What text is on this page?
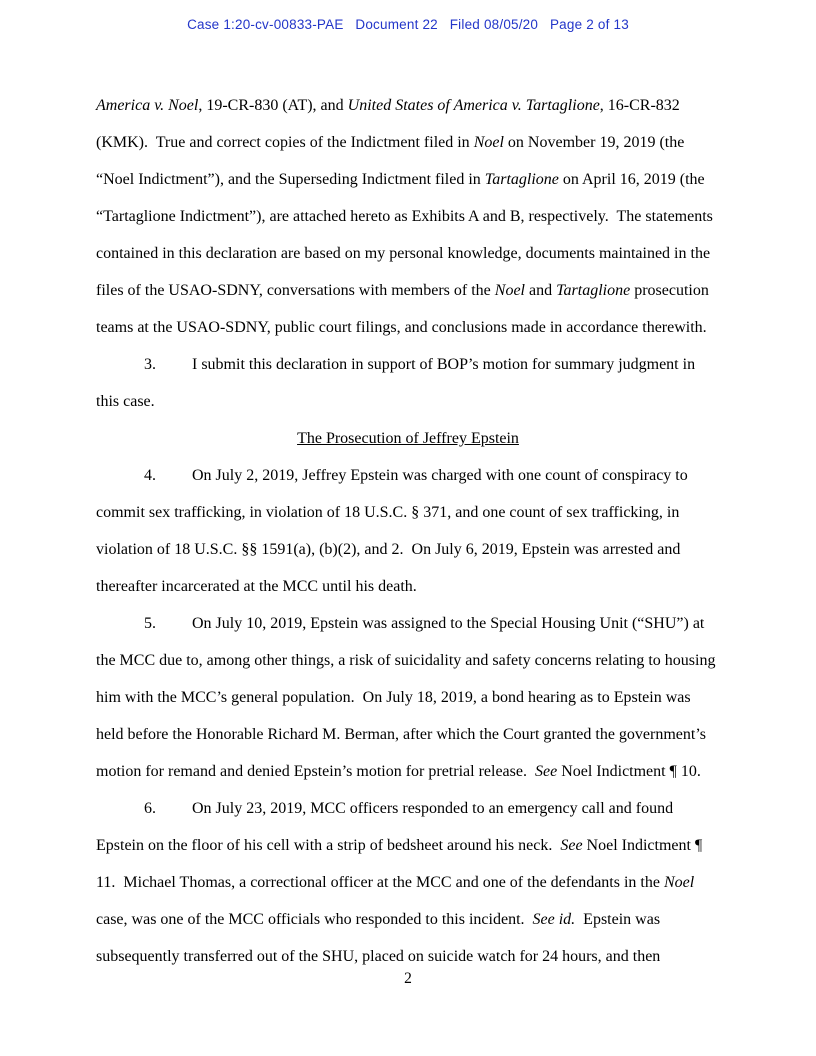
Case 1:20-cv-00833-PAE   Document 22   Filed 08/05/20   Page 2 of 13

America v. Noel, 19-CR-830 (AT), and United States of America v. Tartaglione, 16-CR-832 (KMK).  True and correct copies of the Indictment filed in Noel on November 19, 2019 (the “Noel Indictment”), and the Superseding Indictment filed in Tartaglione on April 16, 2019 (the “Tartaglione Indictment”), are attached hereto as Exhibits A and B, respectively.  The statements contained in this declaration are based on my personal knowledge, documents maintained in the files of the USAO-SDNY, conversations with members of the Noel and Tartaglione prosecution teams at the USAO-SDNY, public court filings, and conclusions made in accordance therewith.

3. I submit this declaration in support of BOP’s motion for summary judgment in this case.

The Prosecution of Jeffrey Epstein

4. On July 2, 2019, Jeffrey Epstein was charged with one count of conspiracy to commit sex trafficking, in violation of 18 U.S.C. § 371, and one count of sex trafficking, in violation of 18 U.S.C. §§ 1591(a), (b)(2), and 2.  On July 6, 2019, Epstein was arrested and thereafter incarcerated at the MCC until his death.

5. On July 10, 2019, Epstein was assigned to the Special Housing Unit (“SHU”) at the MCC due to, among other things, a risk of suicidality and safety concerns relating to housing him with the MCC’s general population.  On July 18, 2019, a bond hearing as to Epstein was held before the Honorable Richard M. Berman, after which the Court granted the government’s motion for remand and denied Epstein’s motion for pretrial release.  See Noel Indictment ¶ 10.

6. On July 23, 2019, MCC officers responded to an emergency call and found Epstein on the floor of his cell with a strip of bedsheet around his neck.  See Noel Indictment ¶ 11.  Michael Thomas, a correctional officer at the MCC and one of the defendants in the Noel case, was one of the MCC officials who responded to this incident.  See id.  Epstein was subsequently transferred out of the SHU, placed on suicide watch for 24 hours, and then

2
